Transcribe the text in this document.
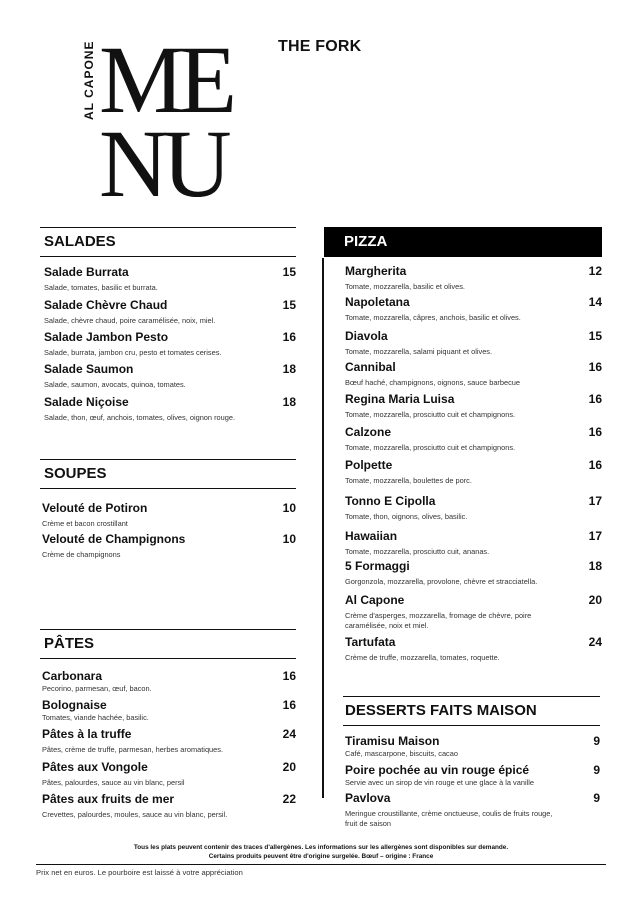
ME
NU
AL CAPONE	THE FORK
SALADES
Salade Burrata	15
Salade, tomates, basilic et burrata.
Salade Chèvre Chaud	15
Salade, chèvre chaud, poire caramélisée, noix, miel.
Salade Jambon Pesto	16
Salade, burrata, jambon cru, pesto et tomates cerises.
Salade Saumon	18
Salade, saumon, avocats, quinoa, tomates.
Salade Niçoise	18
Salade, thon, œuf, anchois, tomates, olives, oignon rouge.
SOUPES
Velouté de Potiron	10
Crème et bacon crostillant
Velouté de Champignons	10
Crème de champignons
PÂTES
Carbonara	16
Pecorino, parmesan, œuf, bacon.
Bolognaise	16
Tomates, viande hachée, basilic.
Pâtes à la truffe	24
Pâtes, crème de truffe, parmesan, herbes aromatiques.
Pâtes aux Vongole	20
Pâtes, palourdes, sauce au vin blanc, persil
Pâtes aux fruits de mer	22
Crevettes, palourdes, moules, sauce au vin blanc, persil.
PIZZA
Margherita	12
Tomate, mozzarella, basilic et olives.
Napoletana	14
Tomate, mozzarella, câpres, anchois, basilic et olives.
Diavola	15
Tomate, mozzarella, salami piquant et olives.
Cannibal	16
Bœuf haché, champignons, oignons, sauce barbecue
Regina Maria Luisa	16
Tomate, mozzarella, prosciutto cuit et champignons.
Calzone	16
Tomate, mozzarella, prosciutto cuit et champignons.
Polpette	16
Tomate, mozzarella, boulettes de porc.
Tonno E Cipolla	17
Tomate, thon, oignons, olives, basilic.
Hawaiian	17
Tomate, mozzarella, prosciutto cuit, ananas.
5 Formaggi	18
Gorgonzola, mozzarella, provolone, chèvre et stracciatella.
Al Capone	20
Crème d'asperges, mozzarella, fromage de chèvre, poire caramélisée, noix et miel.
Tartufata	24
Crème de truffe, mozzarella, tomates, roquette.
DESSERTS FAITS MAISON
Tiramisu Maison	9
Café, mascarpone, biscuits, cacao
Poire pochée au vin rouge épicé	9
Servie avec un sirop de vin rouge et une glace à la vanille
Pavlova	9
Meringue croustillante, crème onctueuse, coulis de fruits rouge, fruit de saison
Tous les plats peuvent contenir des traces d'allergènes. Les informations sur les allergènes sont disponibles sur demande.
Certains produits peuvent être d'origine surgelée. Bœuf – origine : France
Prix net en euros. Le pourboire est laissé à votre appréciation
